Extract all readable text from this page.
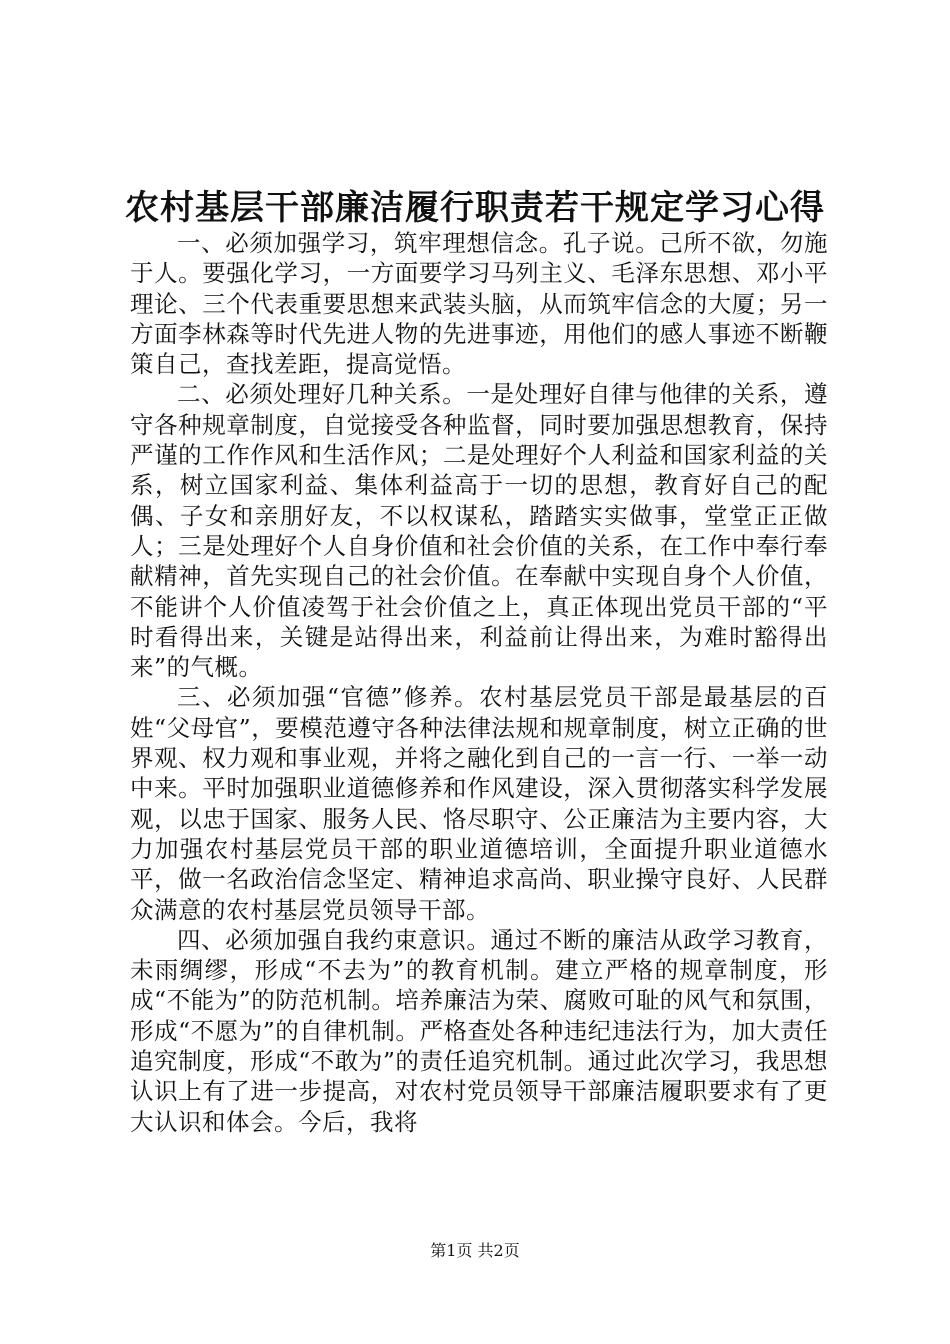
农村基层干部廉洁履行职责若干规定学习心得

一、必须加强学习，筑牢理想信念。孔子说。己所不欲，勿施于人。要强化学习，一方面要学习马列主义、毛泽东思想、邓小平理论、三个代表重要思想来武装头脑，从而筑牢信念的大厦；另一方面李林森等时代先进人物的先进事迹，用他们的感人事迹不断鞭策自己，查找差距，提高觉悟。

二、必须处理好几种关系。一是处理好自律与他律的关系，遵守各种规章制度，自觉接受各种监督，同时要加强思想教育，保持严谨的工作作风和生活作风；二是处理好个人利益和国家利益的关系，树立国家利益、集体利益高于一切的思想，教育好自己的配偶、子女和亲朋好友，不以权谋私，踏踏实实做事，堂堂正正做人；三是处理好个人自身价值和社会价值的关系，在工作中奉行奉献精神，首先实现自己的社会价值。在奉献中实现自身个人价值，不能讲个人价值凌驾于社会价值之上，真正体现出党员干部的“平时看得出来，关键是站得出来，利益前让得出来，为难时豁得出来”的气概。

三、必须加强“官德”修养。农村基层党员干部是最基层的百姓“父母官”，要模范遵守各种法律法规和规章制度，树立正确的世界观、权力观和事业观，并将之融化到自己的一言一行、一举一动中来。平时加强职业道德修养和作风建设，深入贯彻落实科学发展观，以忠于国家、服务人民、恪尽职守、公正廉洁为主要内容，大力加强农村基层党员干部的职业道德培训，全面提升职业道德水平，做一名政治信念坚定、精神追求高尚、职业操守良好、人民群众满意的农村基层党员领导干部。

四、必须加强自我约束意识。通过不断的廉洁从政学习教育，未雨绸缪，形成“不去为”的教育机制。建立严格的规章制度，形成“不能为”的防范机制。培养廉洁为荣、腐败可耻的风气和氛围，形成“不愿为”的自律机制。严格查处各种违纪违法行为，加大责任追究制度，形成“不敢为”的责任追究机制。通过此次学习，我思想认识上有了进一步提高，对农村党员领导干部廉洁履职要求有了更大认识和体会。今后，我将

第1页 共2页
